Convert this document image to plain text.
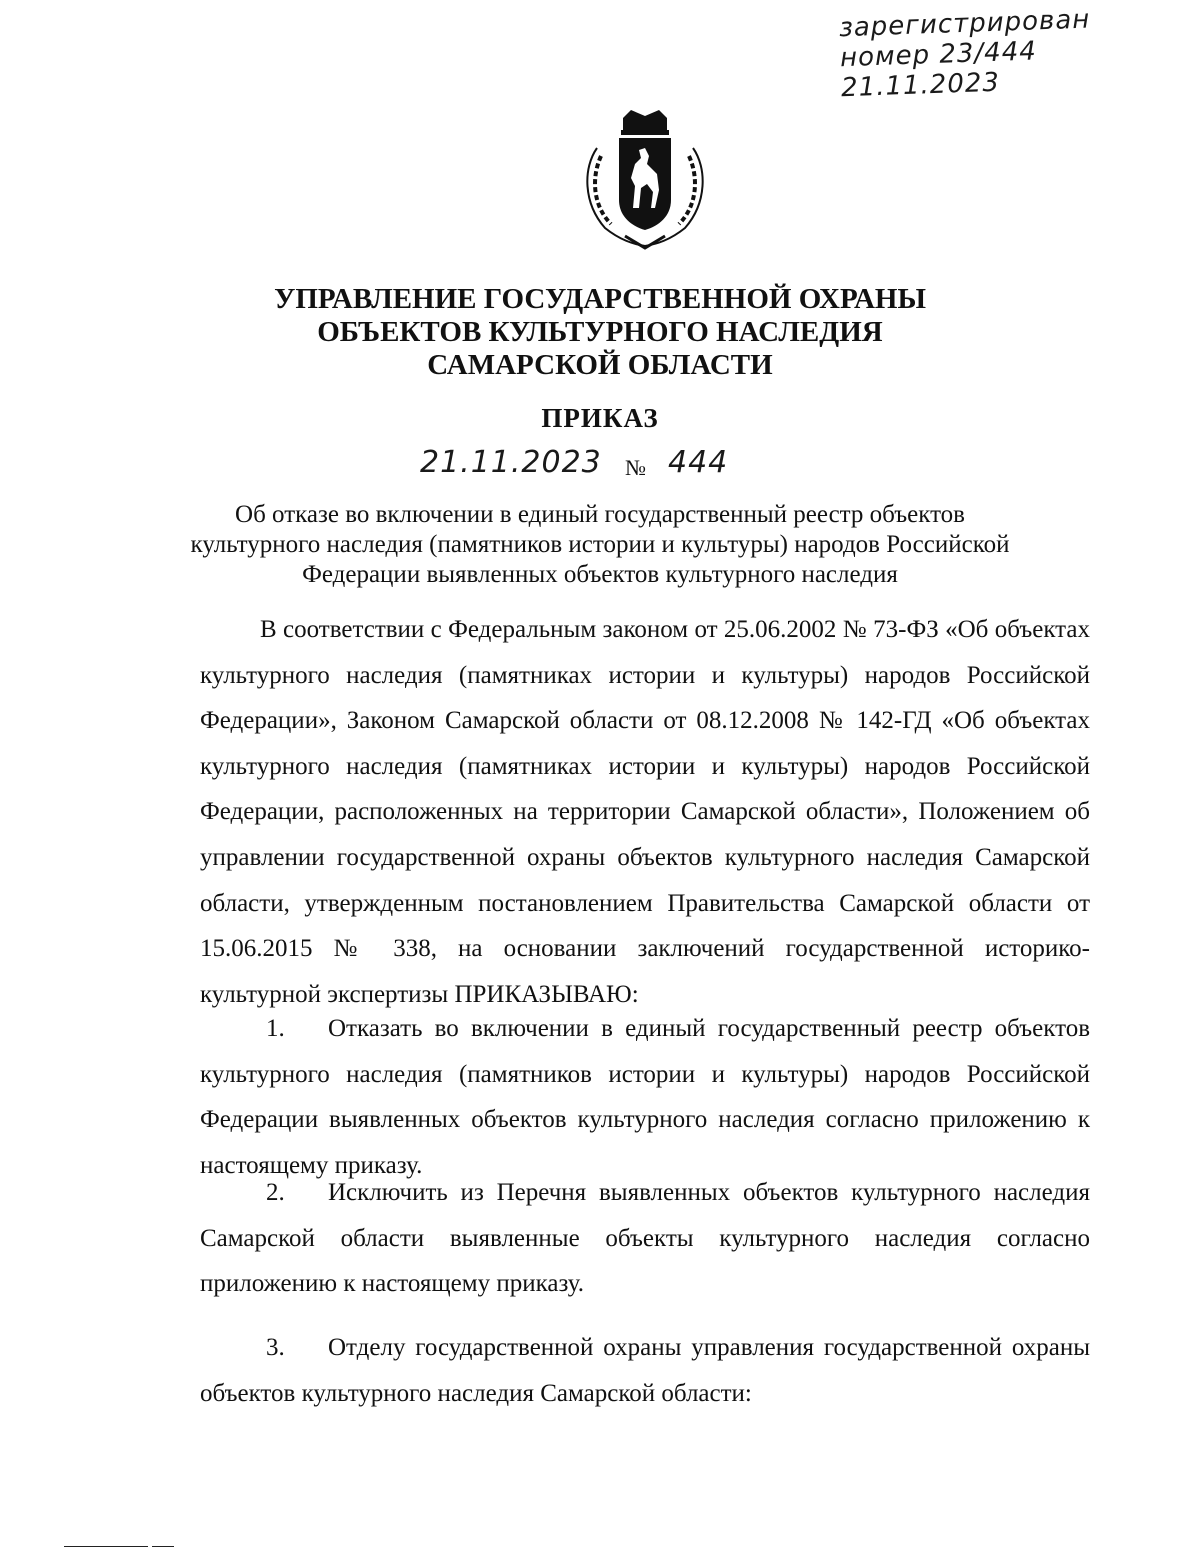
зарегистрирован
номер 23/444
21.11.2023
УПРАВЛЕНИЕ ГОСУДАРСТВЕННОЙ ОХРАНЫ
ОБЪЕКТОВ КУЛЬТУРНОГО НАСЛЕДИЯ
САМАРСКОЙ ОБЛАСТИ
ПРИКАЗ
21.11.2023 № 444
Об отказе во включении в единый государственный реестр объектов
культурного наследия (памятников истории и культуры) народов Российской
Федерации выявленных объектов культурного наследия
В соответствии с Федеральным законом от 25.06.2002 № 73-ФЗ «Об объектах культурного наследия (памятниках истории и культуры) народов Российской Федерации», Законом Самарской области от 08.12.2008 № 142-ГД «Об объектах культурного наследия (памятниках истории и культуры) народов Российской Федерации, расположенных на территории Самарской области», Положением об управлении государственной охраны объектов культурного наследия Самарской области, утвержденным постановлением Правительства Самарской области от 15.06.2015 № 338, на основании заключений государственной историко-культурной экспертизы ПРИКАЗЫВАЮ:
1. Отказать во включении в единый государственный реестр объектов культурного наследия (памятников истории и культуры) народов Российской Федерации выявленных объектов культурного наследия согласно приложению к настоящему приказу.
2. Исключить из Перечня выявленных объектов культурного наследия Самарской области выявленные объекты культурного наследия согласно приложению к настоящему приказу.
3. Отделу государственной охраны управления государственной охраны объектов культурного наследия Самарской области:
